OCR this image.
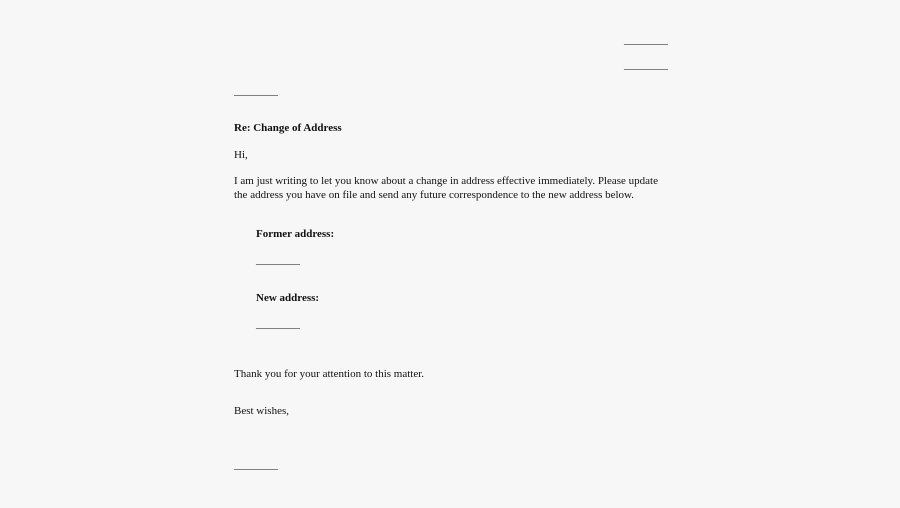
________
________
________
Re: Change of Address
Hi,
I am just writing to let you know about a change in address effective immediately. Please update the address you have on file and send any future correspondence to the new address below.
Former address:
________
New address:
________
Thank you for your attention to this matter.
Best wishes,
________
